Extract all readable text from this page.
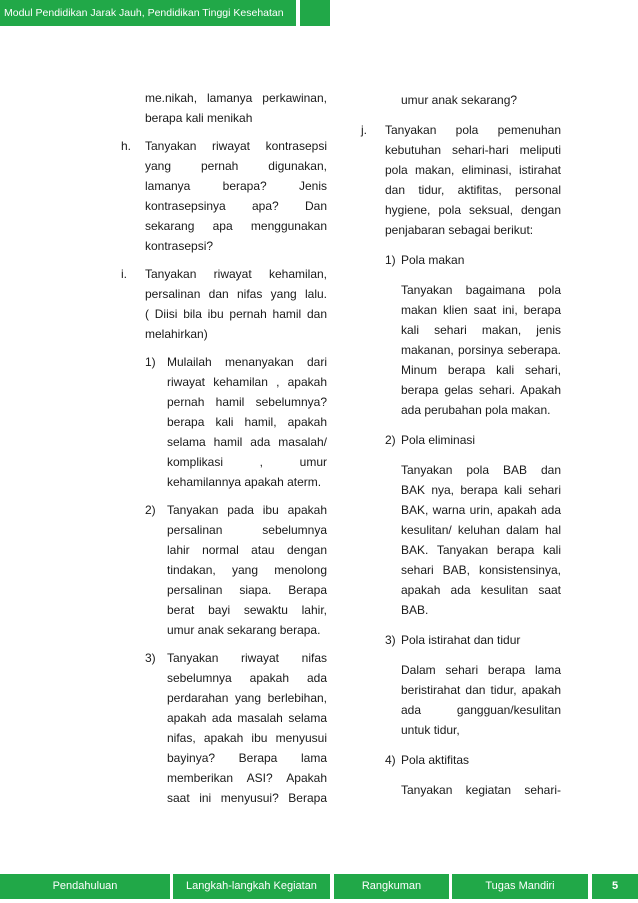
Modul Pendidikan Jarak Jauh, Pendidikan Tinggi Kesehatan

me.nikah, lamanya perkawinan,

berapa kali menikah

h. Tanyakan riwayat kontrasepsi

yang pernah digunakan,

lamanya berapa? Jenis

kontrasepsinya apa? Dan

sekarang apa menggunakan

kontrasepsi?

i. Tanyakan riwayat kehamilan,

persalinan dan nifas yang lalu.

( Diisi bila ibu pernah hamil dan

melahirkan)

1) Mulailah menanyakan dari

riwayat kehamilan , apakah

pernah hamil sebelumnya?

berapa kali hamil, apakah

selama hamil ada masalah/

komplikasi , umur

kehamilannya apakah aterm.

2) Tanyakan pada ibu apakah

persalinan sebelumnya

lahir normal atau dengan

tindakan, yang menolong

persalinan siapa. Berapa

berat bayi sewaktu lahir,

umur anak sekarang berapa.

3) Tanyakan riwayat nifas

sebelumnya apakah ada

perdarahan yang berlebihan,

apakah ada masalah selama

nifas, apakah ibu menyusui

bayinya? Berapa lama

memberikan ASI? Apakah

saat ini menyusui? Berapa

umur anak sekarang?

j. Tanyakan pola pemenuhan

kebutuhan sehari-hari meliputi

pola makan, eliminasi, istirahat

dan tidur, aktifitas, personal

hygiene, pola seksual, dengan

penjabaran sebagai berikut:

1) Pola makan

Tanyakan bagaimana pola

makan klien saat ini, berapa

kali sehari makan, jenis

makanan, porsinya seberapa.

Minum berapa kali sehari,

berapa gelas sehari. Apakah

ada perubahan pola makan.

2) Pola eliminasi

Tanyakan pola BAB dan

BAK nya, berapa kali sehari

BAK, warna urin, apakah ada

kesulitan/ keluhan dalam hal

BAK. Tanyakan berapa kali

sehari BAB, konsistensinya,

apakah ada kesulitan saat

BAB.

3) Pola istirahat dan tidur

Dalam sehari berapa lama

beristirahat dan tidur, apakah

ada gangguan/kesulitan

untuk tidur,

4) Pola aktifitas

Tanyakan kegiatan sehari-

Pendahuluan	Langkah-langkah Kegiatan	Rangkuman	Tugas Mandiri	5
